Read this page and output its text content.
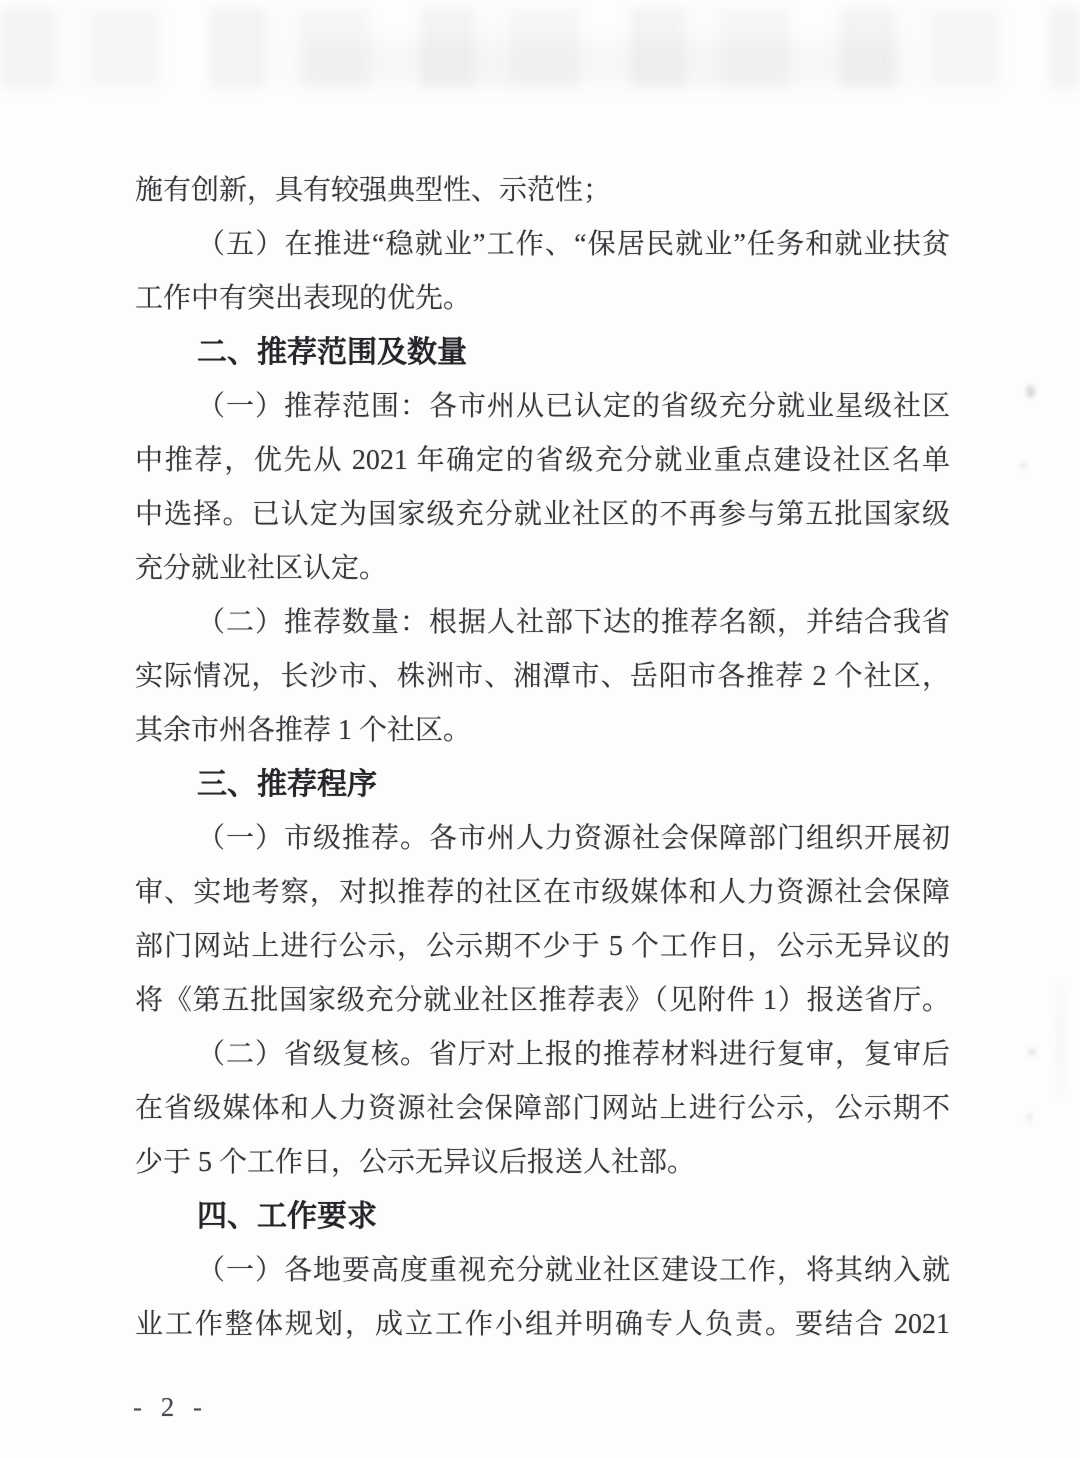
施有创新，具有较强典型性、示范性；
（五）在推进“稳就业”工作、“保居民就业”任务和就业扶贫
工作中有突出表现的优先。
二、推荐范围及数量
（一）推荐范围：各市州从已认定的省级充分就业星级社区
中推荐，优先从 2021 年确定的省级充分就业重点建设社区名单
中选择。已认定为国家级充分就业社区的不再参与第五批国家级
充分就业社区认定。
（二）推荐数量：根据人社部下达的推荐名额，并结合我省
实际情况，长沙市、株洲市、湘潭市、岳阳市各推荐 2 个社区，
其余市州各推荐 1 个社区。
三、推荐程序
（一）市级推荐。各市州人力资源社会保障部门组织开展初
审、实地考察，对拟推荐的社区在市级媒体和人力资源社会保障
部门网站上进行公示，公示期不少于 5 个工作日，公示无异议的
将《第五批国家级充分就业社区推荐表》（见附件 1）报送省厅。
（二）省级复核。省厅对上报的推荐材料进行复审，复审后
在省级媒体和人力资源社会保障部门网站上进行公示，公示期不
少于 5 个工作日，公示无异议后报送人社部。
四、工作要求
（一）各地要高度重视充分就业社区建设工作，将其纳入就
业工作整体规划，成立工作小组并明确专人负责。要结合 2021
- 2 -
